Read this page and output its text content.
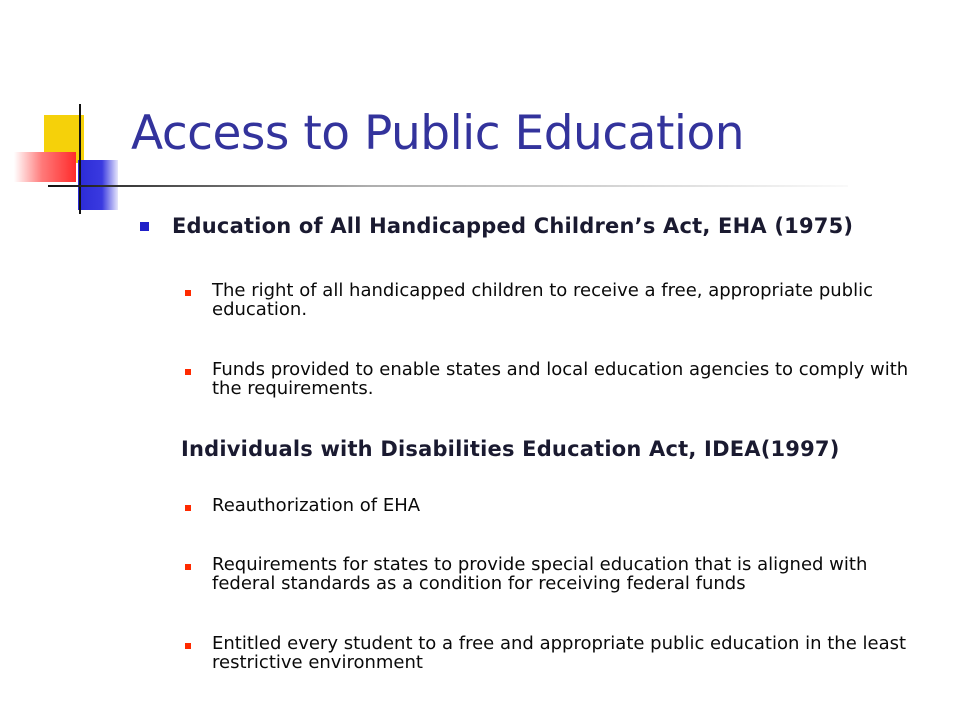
Access to Public Education
Education of All Handicapped Children’s Act, EHA (1975)
The right of all handicapped children to receive a free, appropriate public education.
Funds provided to enable states and local education agencies to comply with the requirements.
Individuals with Disabilities Education Act, IDEA(1997)
Reauthorization of EHA
Requirements for states to provide special education that is aligned with federal standards as a condition for receiving federal funds
Entitled every student to a free and appropriate public education in the least restrictive environment
